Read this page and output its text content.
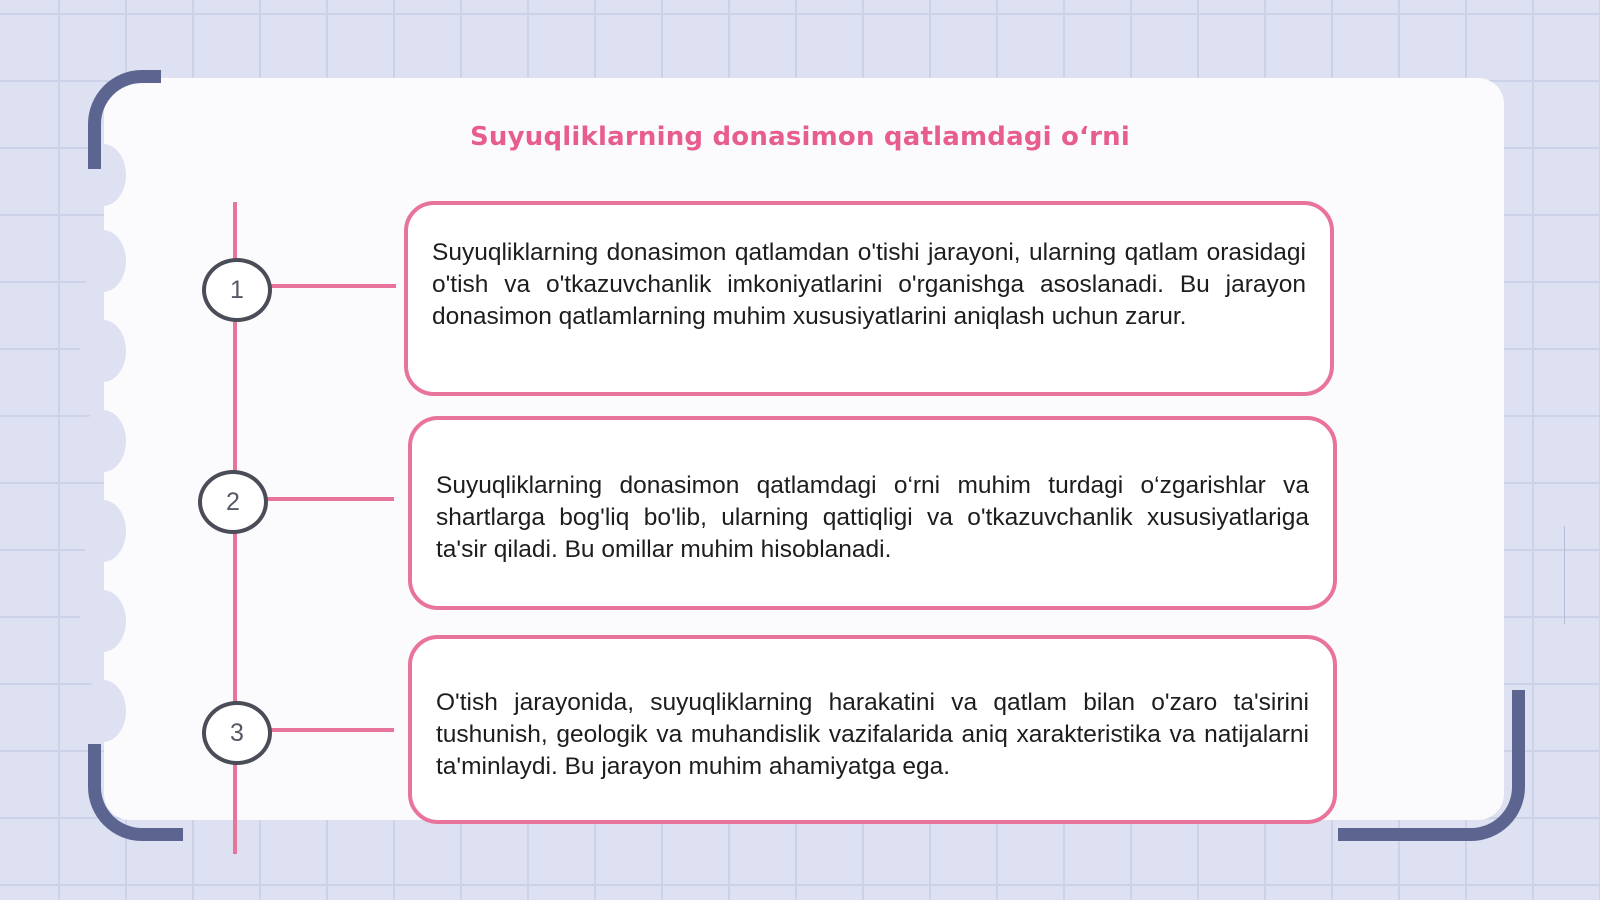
Suyuqliklarning donasimon qatlamdagi oʻrni
1
Suyuqliklarning donasimon qatlamdan o'tishi jarayoni, ularning qatlam orasidagi o'tish va o'tkazuvchanlik imkoniyatlarini o'rganishga asoslanadi. Bu jarayon donasimon qatlamlarning muhim xususiyatlarini aniqlash uchun zarur.
2
Suyuqliklarning donasimon qatlamdagi o‘rni muhim turdagi o‘zgarishlar va shartlarga bog'liq bo'lib, ularning qattiqligi va o'tkazuvchanlik xususiyatlariga ta'sir qiladi. Bu omillar muhim hisoblanadi.
3
O'tish jarayonida, suyuqliklarning harakatini va qatlam bilan o'zaro ta'sirini tushunish, geologik va muhandislik vazifalarida aniq xarakteristika va natijalarni ta'minlaydi. Bu jarayon muhim ahamiyatga ega.
